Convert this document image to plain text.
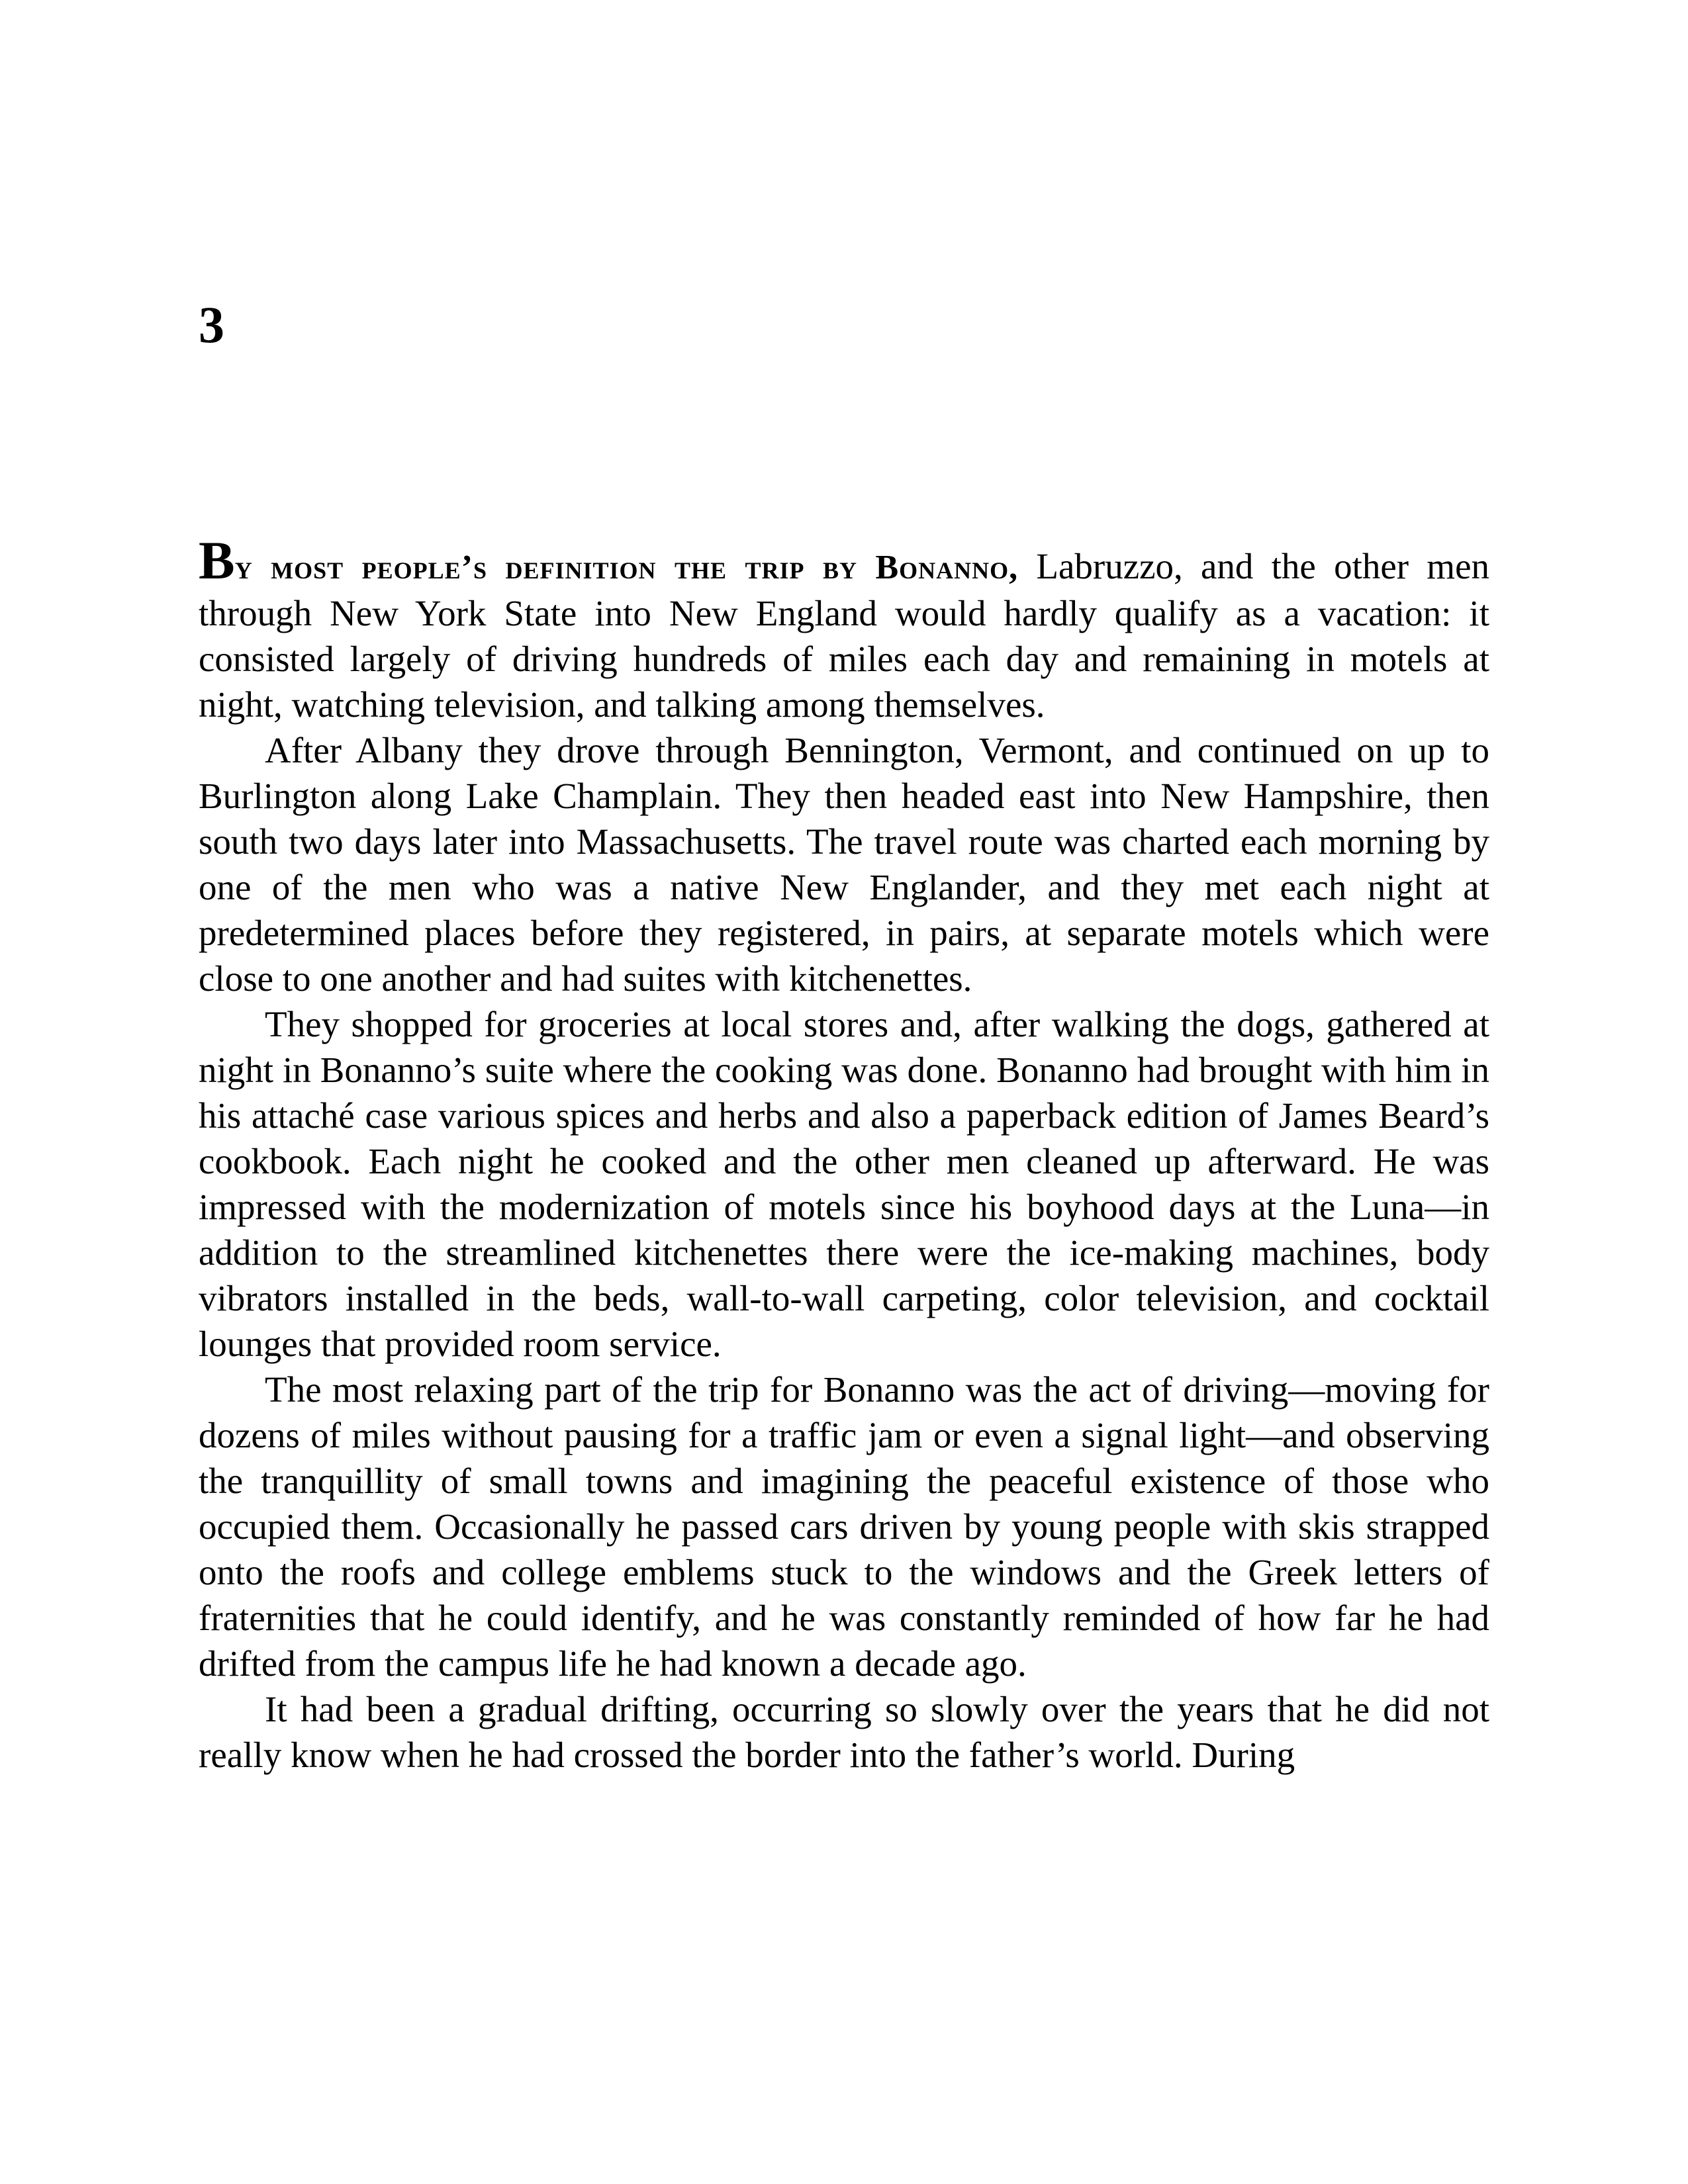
3

By most people’s definition the trip by Bonanno, Labruzzo, and the other men through New York State into New England would hardly qualify as a vacation: it consisted largely of driving hundreds of miles each day and remaining in motels at night, watching television, and talking among themselves.

After Albany they drove through Bennington, Vermont, and continued on up to Burlington along Lake Champlain. They then headed east into New Hampshire, then south two days later into Massachusetts. The travel route was charted each morning by one of the men who was a native New Englander, and they met each night at predetermined places before they registered, in pairs, at separate motels which were close to one another and had suites with kitchenettes.

They shopped for groceries at local stores and, after walking the dogs, gathered at night in Bonanno’s suite where the cooking was done. Bonanno had brought with him in his attaché case various spices and herbs and also a paperback edition of James Beard’s cookbook. Each night he cooked and the other men cleaned up afterward. He was impressed with the modernization of motels since his boyhood days at the Luna—in addition to the streamlined kitchenettes there were the ice-making machines, body vibrators installed in the beds, wall-to-wall carpeting, color television, and cocktail lounges that provided room service.

The most relaxing part of the trip for Bonanno was the act of driving—moving for dozens of miles without pausing for a traffic jam or even a signal light—and observing the tranquillity of small towns and imagining the peaceful existence of those who occupied them. Occasionally he passed cars driven by young people with skis strapped onto the roofs and college emblems stuck to the windows and the Greek letters of fraternities that he could identify, and he was constantly reminded of how far he had drifted from the campus life he had known a decade ago.

It had been a gradual drifting, occurring so slowly over the years that he did not really know when he had crossed the border into the father’s world. During
